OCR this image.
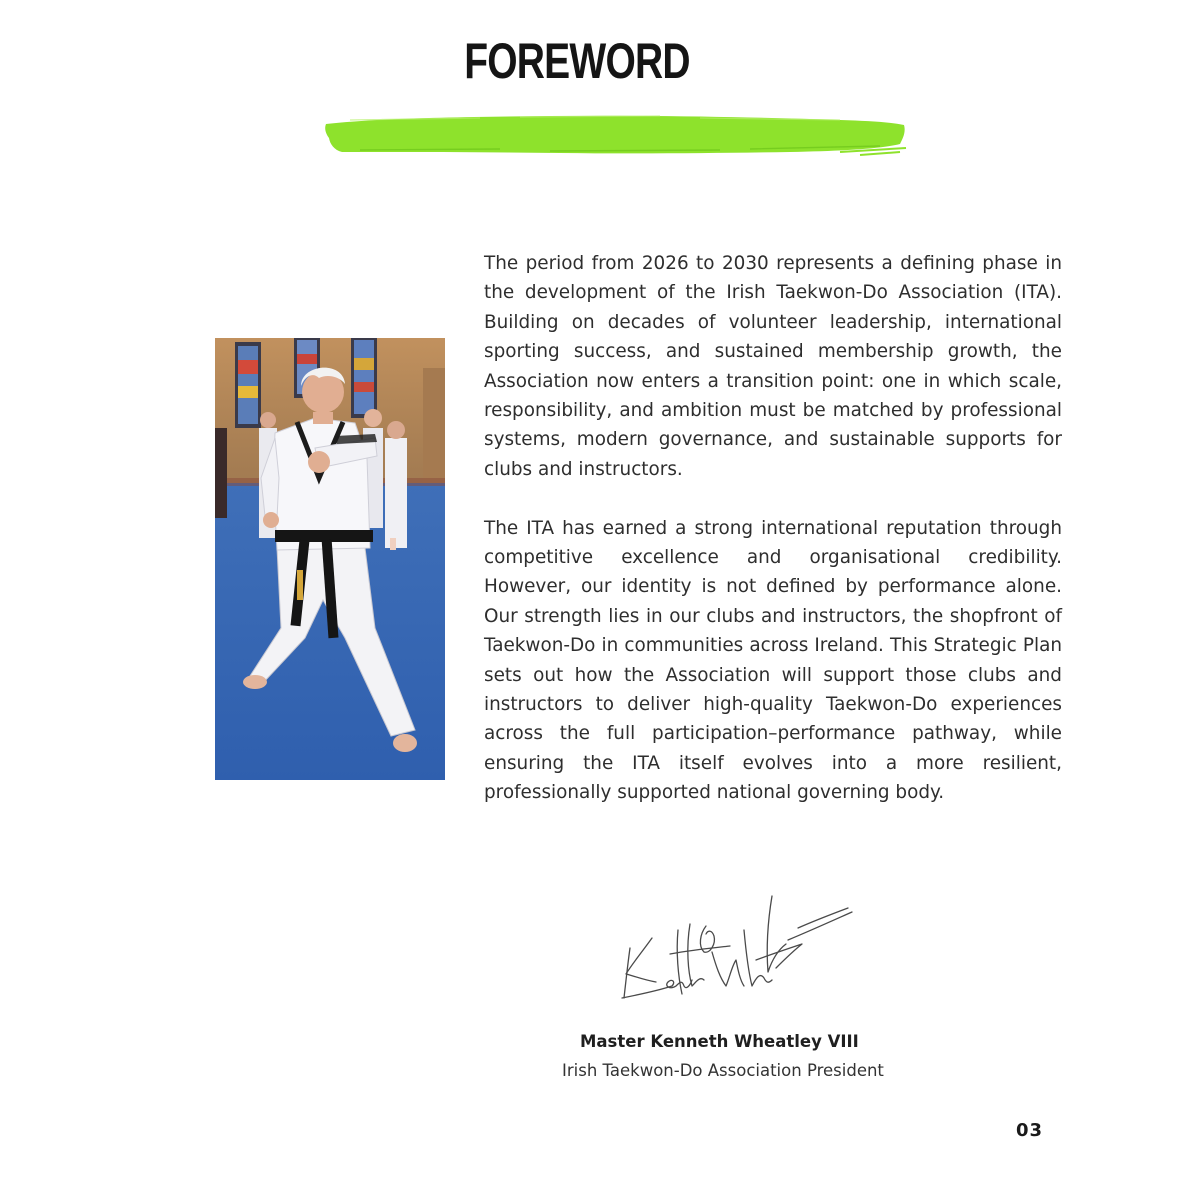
FOREWORD

The period from 2026 to 2030 represents a defining phase in the development of the Irish Taekwon-Do Association (ITA). Building on decades of volunteer leadership, international sporting success, and sustained membership growth, the Association now enters a transition point: one in which scale, responsibility, and ambition must be matched by professional systems, modern governance, and sustainable supports for clubs and instructors.

The ITA has earned a strong international reputation through competitive excellence and organisational credibility. However, our identity is not defined by performance alone. Our strength lies in our clubs and instructors, the shopfront of Taekwon-Do in communities across Ireland. This Strategic Plan sets out how the Association will support those clubs and instructors to deliver high-quality Taekwon-Do experiences across the full participation–performance pathway, while ensuring the ITA itself evolves into a more resilient, professionally supported national governing body.

Master Kenneth Wheatley VIII
Irish Taekwon-Do Association President
03
